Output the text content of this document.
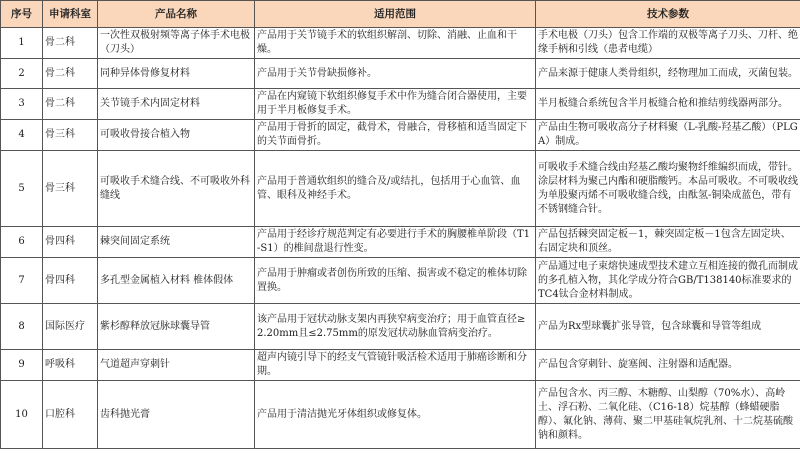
序号	申请科室	产品名称	适用范围	技术参数
1	骨二科	一次性双极射频等离子体手术电极（刀头）	产品用于关节镜手术的软组织解剖、切除、消融、止血和干燥。	手术电极（刀头）包含工作端的双极等离子刀头、刀杆、绝缘手柄和引线（患者电缆）
2	骨二科	同种异体骨修复材料	产品用于关节骨缺损修补。	产品来源于健康人类骨组织，经物理加工而成，灭菌包装。
3	骨二科	关节镜手术内固定材料	产品在内窥镜下软组织修复手术中作为缝合闭合器使用，主要用于半月板修复手术。	半月板缝合系统包含半月板缝合枪和推结剪线器两部分。
4	骨三科	可吸收骨接合植入物	产品用于骨折的固定，截骨术，骨融合，骨移植和适当固定下的关节面骨折。	产品由生物可吸收高分子材料聚（L-乳酸-羟基乙酸）（PLGA）制成。
5	骨三科	可吸收手术缝合线、不可吸收外科缝线	产品用于普通软组织的缝合及/或结扎，包括用于心血管、血管、眼科及神经手术。	可吸收手术缝合线由羟基乙酸均聚物纤维编织而成，带针。涂层材料为聚己内酯和硬脂酸钙。本品可吸收。不可吸收线为单股聚丙烯不可吸收缝合线，由酞氢-铜染成蓝色，带有不锈钢缝合针。
6	骨四科	棘突间固定系统	产品用于经诊疗规范判定有必要进行手术的胸腰椎单阶段（T1-S1）的椎间盘退行性变。	产品包括棘突固定板－1，棘突固定板－1包含左固定块、右固定块和顶丝。
7	骨四科	多孔型金属植入材料 椎体假体	产品用于肿瘤或者创伤所致的压缩、损害或不稳定的椎体切除置换。	产品通过电子束熔快速成型技术建立互相连接的微孔而制成的多孔植入物，其化学成分符合GB/T138140标准要求的TC4钛合金材料制成。
8	国际医疗	紫杉醇释放冠脉球囊导管	该产品用于冠状动脉支架内再狭窄病变治疗；用于血管直径≥2.20mm且≤2.75mm的原发冠状动脉血管病变治疗。	产品为Rx型球囊扩张导管，包含球囊和导管等组成
9	呼吸科	气道超声穿刺针	超声内镜引导下的经支气管镜针吸活检术适用于肺癌诊断和分期。	产品包含穿刺针、旋塞阀、注射器和适配器。
10	口腔科	齿科抛光膏	产品用于清洁抛光牙体组织或修复体。	产品包含水、丙三醇、木糖醇、山梨醇（70%水）、高岭土、浮石粉、二氧化硅、（C16-18）烷基醇（蜂蜡硬脂醇）、氟化钠、薄荷、聚二甲基硅氧烷乳剂、十二烷基硫酸钠和颜料。
